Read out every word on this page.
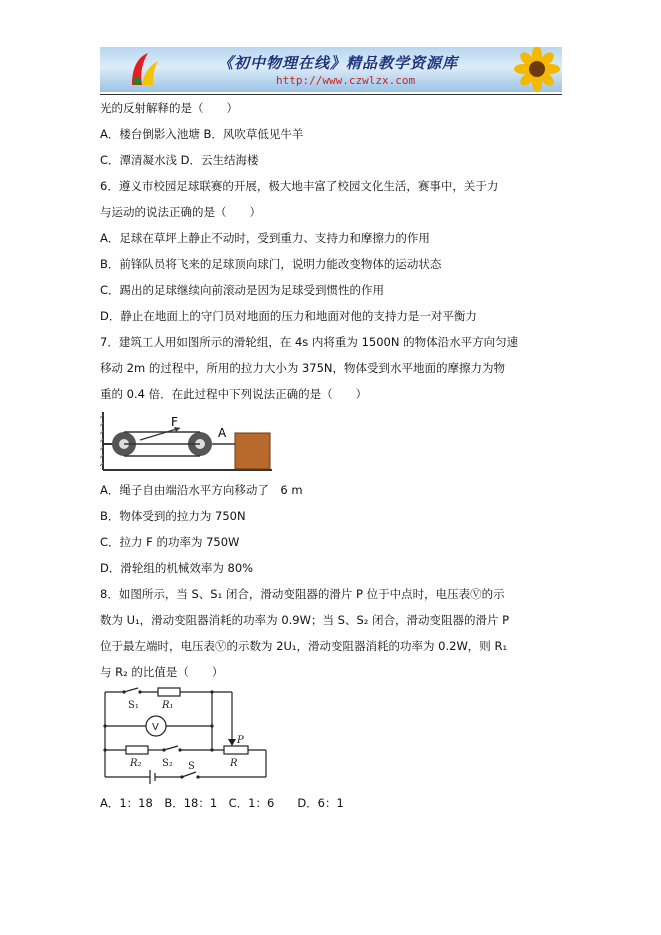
《初中物理在线》精品教学资源库
http://www.czwlzx.com
光的反射解释的是（　　）
A．楼台倒影入池塘 B．风吹草低见牛羊
C．潭清凝水浅 D．云生结海楼
6．遵义市校园足球联赛的开展，极大地丰富了校园文化生活，赛事中，关于力
与运动的说法正确的是（　　）
A．足球在草坪上静止不动时，受到重力、支持力和摩擦力的作用
B．前锋队员将飞来的足球顶向球门，说明力能改变物体的运动状态
C．踢出的足球继续向前滚动是因为足球受到惯性的作用
D．静止在地面上的守门员对地面的压力和地面对他的支持力是一对平衡力
7．建筑工人用如图所示的滑轮组，在 4s 内将重为 1500N 的物体沿水平方向匀速
移动 2m 的过程中，所用的拉力大小为 375N，物体受到水平地面的摩擦力为物
重的 0.4 倍．在此过程中下列说法正确的是（　　）
F
A
A．绳子自由端沿水平方向移动了　6 m
B．物体受到的拉力为 750N
C．拉力 F 的功率为 750W
D．滑轮组的机械效率为 80%
8．如图所示，当 S、S₁ 闭合，滑动变阻器的滑片 P 位于中点时，电压表Ⓥ的示
数为 U₁，滑动变阻器消耗的功率为 0.9W；当 S、S₂ 闭合，滑动变阻器的滑片 P
位于最左端时，电压表Ⓥ的示数为 2U₁，滑动变阻器消耗的功率为 0.2W，则 R₁
与 R₂ 的比值是（　　）
S₁ R₁
V
R₂ S₂ S
P
R
A．1：18　B．18：1　C．1：6　　D．6：1
